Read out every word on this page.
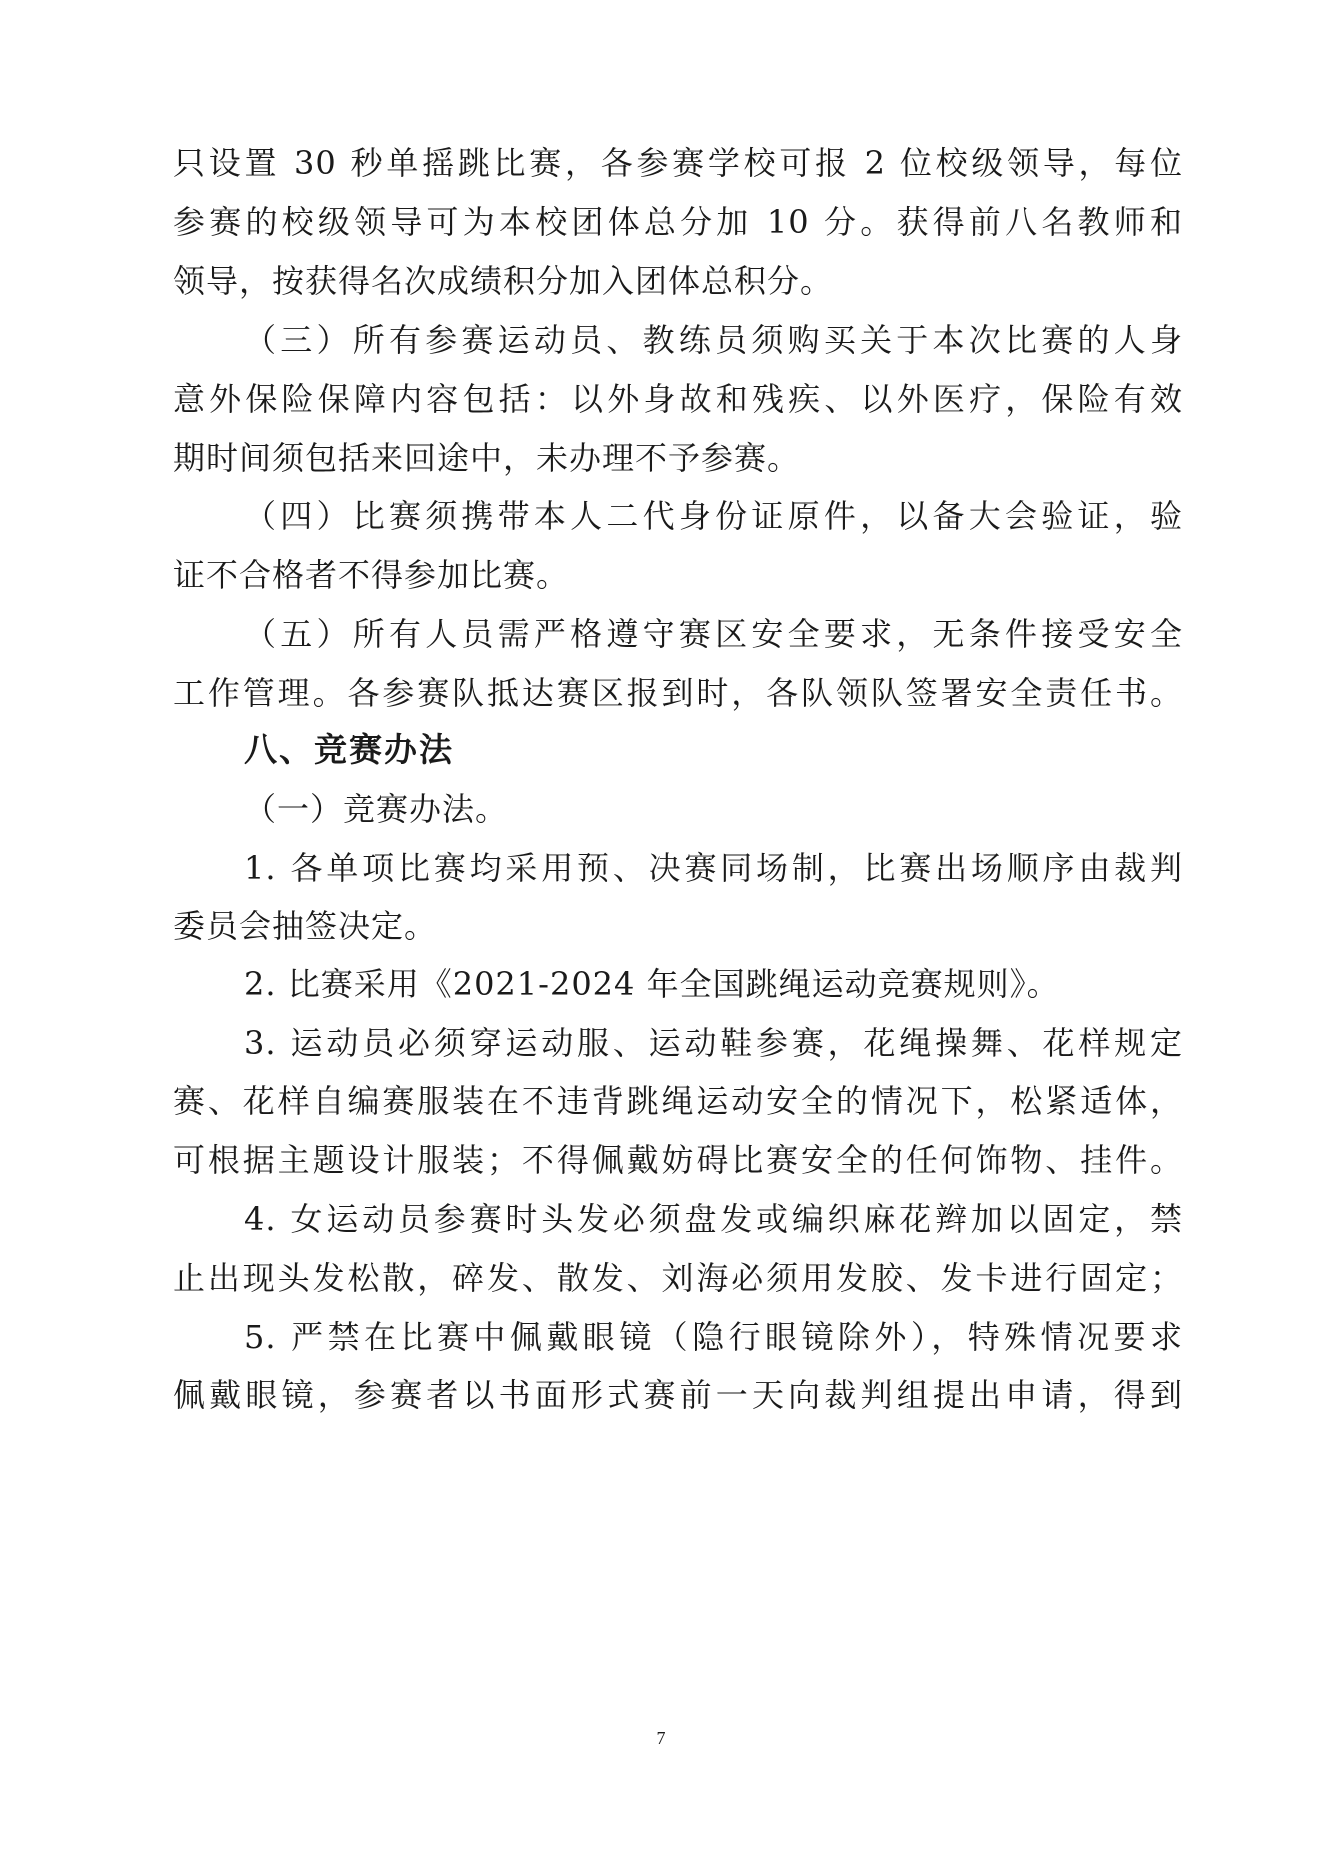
只设置 30 秒单摇跳比赛，各参赛学校可报 2 位校级领导，每位
参赛的校级领导可为本校团体总分加 10 分。获得前八名教师和
领导，按获得名次成绩积分加入团体总积分。
（三）所有参赛运动员、教练员须购买关于本次比赛的人身
意外保险保障内容包括：以外身故和残疾、以外医疗，保险有效
期时间须包括来回途中，未办理不予参赛。
（四）比赛须携带本人二代身份证原件，以备大会验证，验
证不合格者不得参加比赛。
（五）所有人员需严格遵守赛区安全要求，无条件接受安全
工作管理。各参赛队抵达赛区报到时，各队领队签署安全责任书。
八、竞赛办法
（一）竞赛办法。
1. 各单项比赛均采用预、决赛同场制，比赛出场顺序由裁判
委员会抽签决定。
2. 比赛采用《2021-2024 年全国跳绳运动竞赛规则》。
3. 运动员必须穿运动服、运动鞋参赛，花绳操舞、花样规定
赛、花样自编赛服装在不违背跳绳运动安全的情况下，松紧适体，
可根据主题设计服装；不得佩戴妨碍比赛安全的任何饰物、挂件。
4. 女运动员参赛时头发必须盘发或编织麻花辫加以固定，禁
止出现头发松散，碎发、散发、刘海必须用发胶、发卡进行固定；
5. 严禁在比赛中佩戴眼镜（隐行眼镜除外），特殊情况要求
佩戴眼镜，参赛者以书面形式赛前一天向裁判组提出申请，得到
7
